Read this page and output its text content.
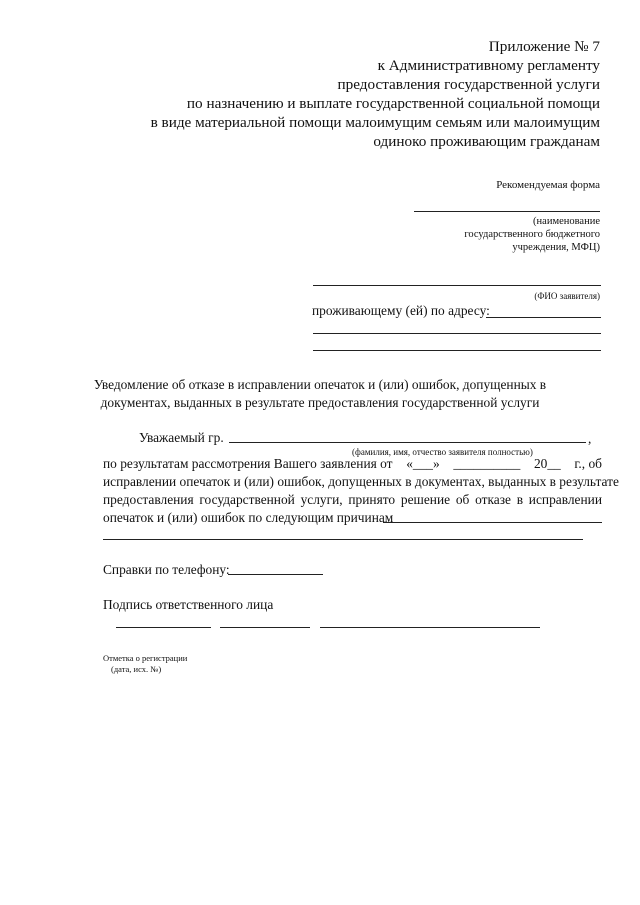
Приложение № 7
к Административному регламенту
предоставления государственной услуги
по назначению и выплате государственной социальной помощи
в виде материальной помощи малоимущим семьям или малоимущим
одиноко проживающим гражданам
Рекомендуемая форма
(наименование
государственного бюджетного
учреждения, МФЦ)
(ФИО заявителя)
проживающему (ей) по адресу:
Уведомление об отказе в исправлении опечаток и (или) ошибок, допущенных в
документах, выданных в результате предоставления государственной услуги
Уважаемый гр.	,
(фамилия, имя, отчество заявителя полностью)
по результатам рассмотрения Вашего заявления от «___» __________ 20__ г., об
исправлении опечаток и (или) ошибок, допущенных в документах, выданных в результате
предоставления государственной услуги, принято решение об отказе в исправлении
опечаток и (или) ошибок по следующим причинам
Справки по телефону:
Подпись ответственного лица
Отметка о регистрации
(дата, исх. №)
